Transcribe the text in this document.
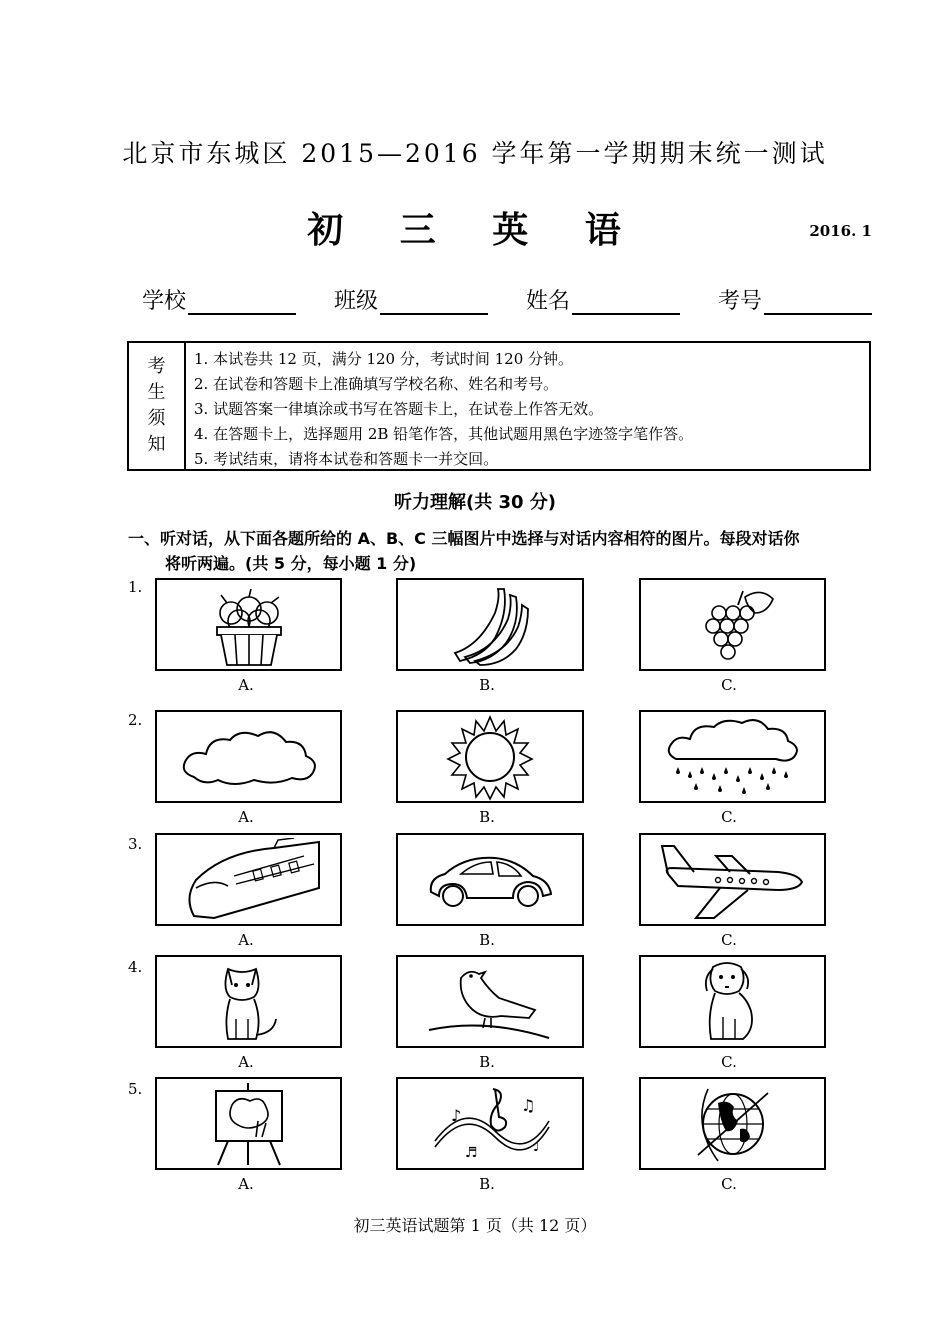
北京市东城区 2015—2016 学年第一学期期末统一测试
初 三 英 语	2016. 1
学校	班级	姓名	考号
考
生
须
知
1. 本试卷共 12 页，满分 120 分，考试时间 120 分钟。
2. 在试卷和答题卡上准确填写学校名称、姓名和考号。
3. 试题答案一律填涂或书写在答题卡上，在试卷上作答无效。
4. 在答题卡上，选择题用 2B 铅笔作答，其他试题用黑色字迹签字笔作答。
5. 考试结束，请将本试卷和答题卡一并交回。
听力理解(共 30 分)
一、听对话，从下面各题所给的 A、B、C 三幅图片中选择与对话内容相符的图片。每段对话你
将听两遍。(共 5 分，每小题 1 分)
1.
A.	B.	C.
2.
A.	B.	C.
3.
A.	B.	C.
4.
A.	B.	C.
5.
A.
♪
♫
♬	♩
B.	C.
初三英语试题第 1 页（共 12 页）
